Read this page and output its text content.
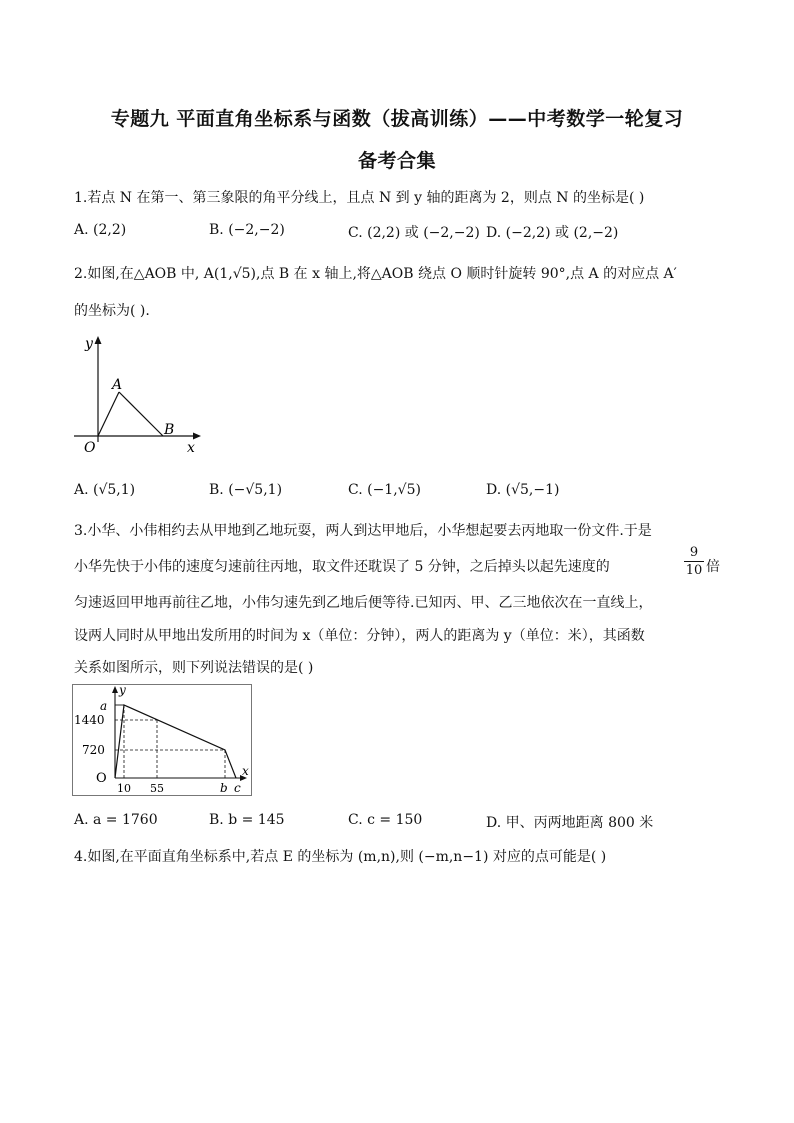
专题九 平面直角坐标系与函数（拔高训练）——中考数学一轮复习
备考合集
1.若点 N 在第一、第三象限的角平分线上，且点 N 到 y 轴的距离为 2，则点 N 的坐标是( )
A. (2,2)	B. (−2,−2)	C. (2,2) 或 (−2,−2) D. (−2,2) 或 (2,−2)
2.如图,在△AOB 中, A(1,√5),点 B 在 x 轴上,将△AOB 绕点 O 顺时针旋转 90°,点 A 的对应点 A′
的坐标为( ).
y
x
O
A
B
A. (√5,1)	B. (−√5,1)	C. (−1,√5)	D. (√5,−1)
3.小华、小伟相约去从甲地到乙地玩耍，两人到达甲地后，小华想起要去丙地取一份文件.于是
小华先快于小伟的速度匀速前往丙地，取文件还耽误了 5 分钟，之后掉头以起先速度的
9
10 倍
匀速返回甲地再前往乙地，小伟匀速先到乙地后便等待.已知丙、甲、乙三地依次在一直线上，
设两人同时从甲地出发所用的时间为 x（单位：分钟），两人的距离为 y（单位：米），其函数
关系如图所示，则下列说法错误的是( )
y
x
O
a
1440
720
10 55	b c
A. a = 1760	B. b = 145	C. c = 150	D. 甲、丙两地距离 800 米
4.如图,在平面直角坐标系中,若点 E 的坐标为 (m,n),则 (−m,n−1) 对应的点可能是( )
